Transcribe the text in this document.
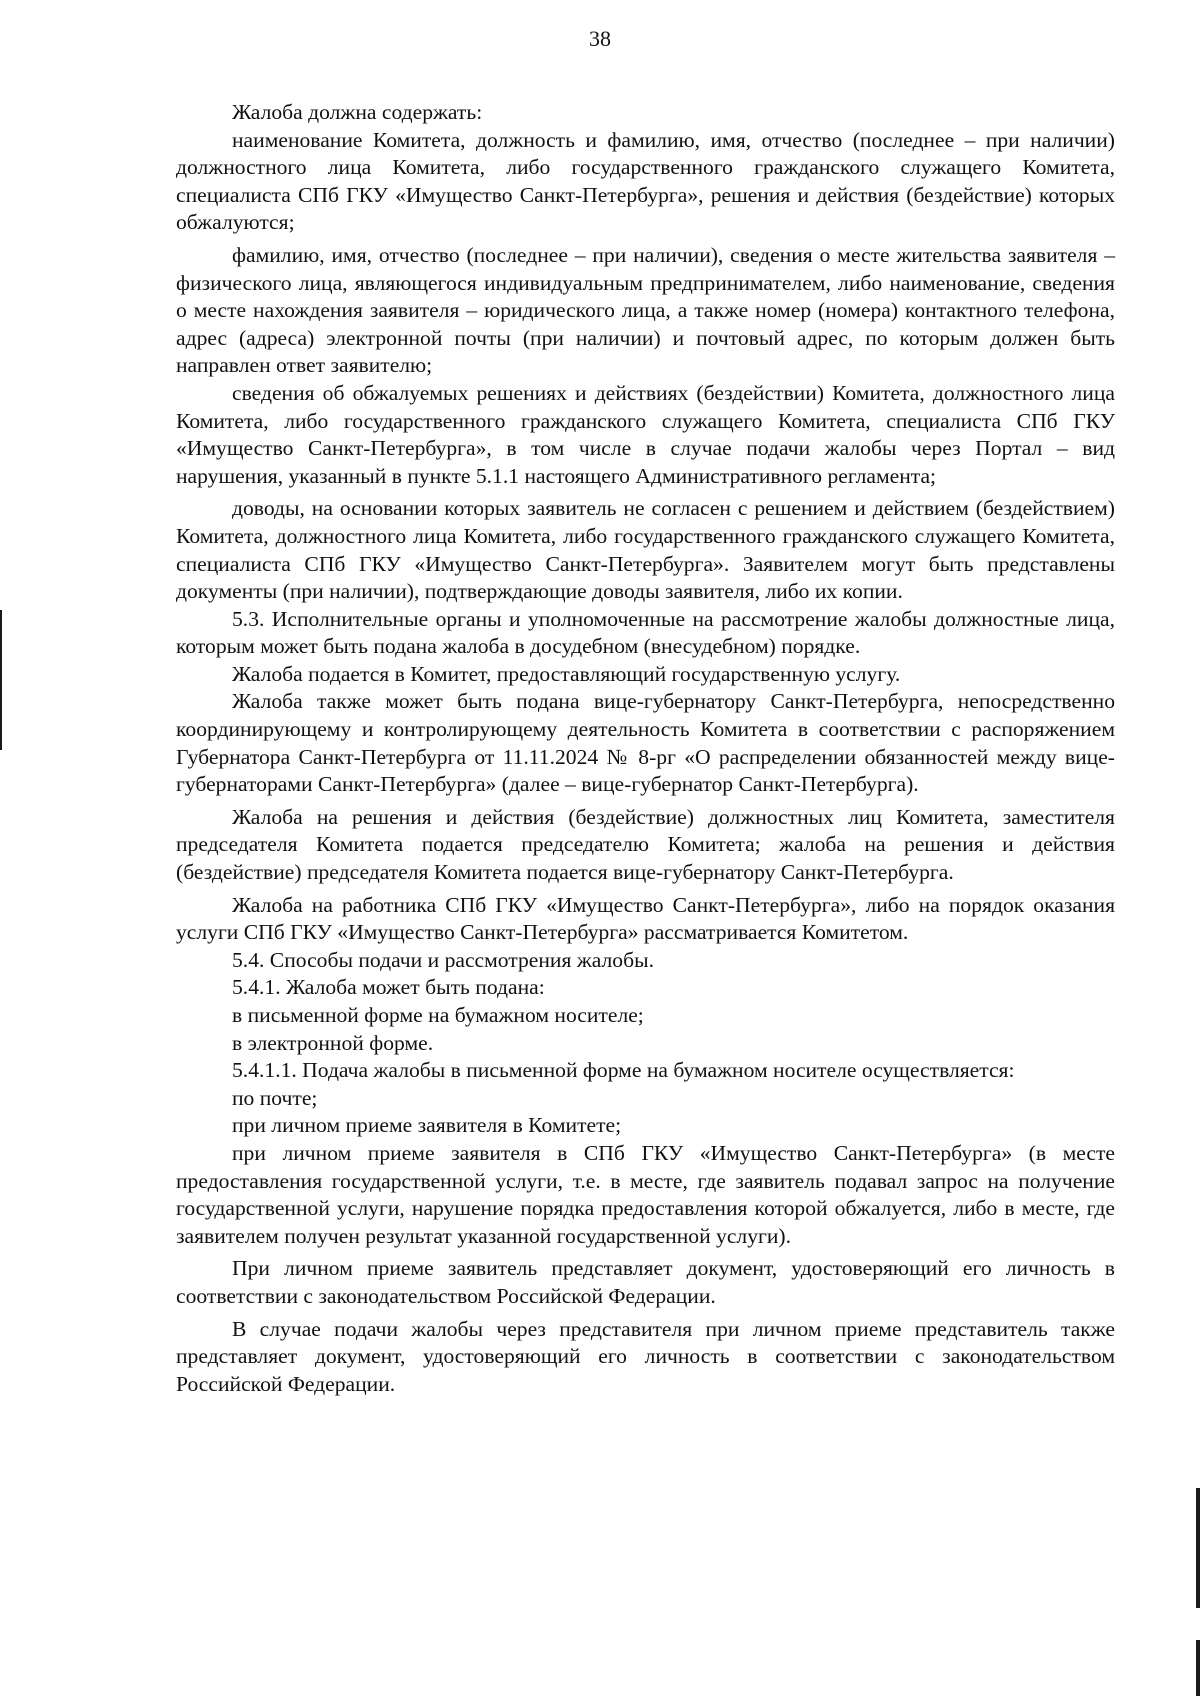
38

Жалоба должна содержать:

наименование Комитета, должность и фамилию, имя, отчество (последнее – при наличии) должностного лица Комитета, либо государственного гражданского служащего Комитета, специалиста СПб ГКУ «Имущество Санкт-Петербурга», решения и действия (бездействие) которых обжалуются;

фамилию, имя, отчество (последнее – при наличии), сведения о месте жительства заявителя – физического лица, являющегося индивидуальным предпринимателем, либо наименование, сведения о месте нахождения заявителя – юридического лица, а также номер (номера) контактного телефона, адрес (адреса) электронной почты (при наличии) и почтовый адрес, по которым должен быть направлен ответ заявителю;

сведения об обжалуемых решениях и действиях (бездействии) Комитета, должностного лица Комитета, либо государственного гражданского служащего Комитета, специалиста СПб ГКУ «Имущество Санкт-Петербурга», в том числе в случае подачи жалобы через Портал – вид нарушения, указанный в пункте 5.1.1 настоящего Административного регламента;

доводы, на основании которых заявитель не согласен с решением и действием (бездействием) Комитета, должностного лица Комитета, либо государственного гражданского служащего Комитета, специалиста СПб ГКУ «Имущество Санкт-Петербурга». Заявителем могут быть представлены документы (при наличии), подтверждающие доводы заявителя, либо их копии.

5.3. Исполнительные органы и уполномоченные на рассмотрение жалобы должностные лица, которым может быть подана жалоба в досудебном (внесудебном) порядке.

Жалоба подается в Комитет, предоставляющий государственную услугу.

Жалоба также может быть подана вице-губернатору Санкт-Петербурга, непосредственно координирующему и контролирующему деятельность Комитета в соответствии с распоряжением Губернатора Санкт-Петербурга от 11.11.2024 № 8-рг «О распределении обязанностей между вице-губернаторами Санкт-Петербурга» (далее – вице-губернатор Санкт-Петербурга).

Жалоба на решения и действия (бездействие) должностных лиц Комитета, заместителя председателя Комитета подается председателю Комитета; жалоба на решения и действия (бездействие) председателя Комитета подается вице-губернатору Санкт-Петербурга.

Жалоба на работника СПб ГКУ «Имущество Санкт-Петербурга», либо на порядок оказания услуги СПб ГКУ «Имущество Санкт-Петербурга» рассматривается Комитетом.

5.4. Способы подачи и рассмотрения жалобы.

5.4.1. Жалоба может быть подана:

в письменной форме на бумажном носителе;

в электронной форме.

5.4.1.1. Подача жалобы в письменной форме на бумажном носителе осуществляется:

по почте;

при личном приеме заявителя в Комитете;

при личном приеме заявителя в СПб ГКУ «Имущество Санкт-Петербурга» (в месте предоставления государственной услуги, т.е. в месте, где заявитель подавал запрос на получение государственной услуги, нарушение порядка предоставления которой обжалуется, либо в месте, где заявителем получен результат указанной государственной услуги).

При личном приеме заявитель представляет документ, удостоверяющий его личность в соответствии с законодательством Российской Федерации.

В случае подачи жалобы через представителя при личном приеме представитель также представляет документ, удостоверяющий его личность в соответствии с законодательством Российской Федерации.
